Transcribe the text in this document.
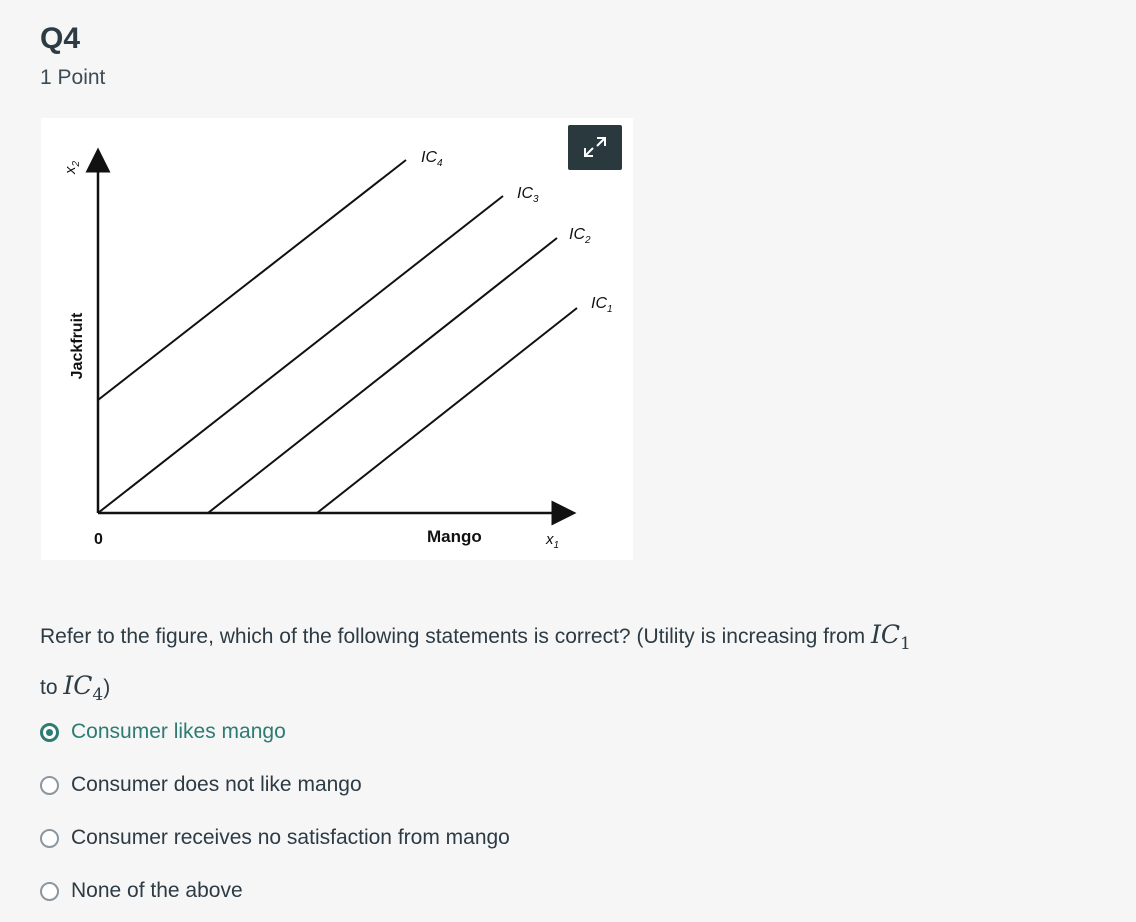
Q4
1 Point
$IC_4$
$IC_3$
$IC_2$
$IC_1$
Jackfruit
$x_2$
0	Mango	$x_1$
Refer to the figure, which of the following statements is correct? (Utility is increasing from $IC_1$
to $IC_4$)
Consumer likes mango
Consumer does not like mango
Consumer receives no satisfaction from mango
None of the above
